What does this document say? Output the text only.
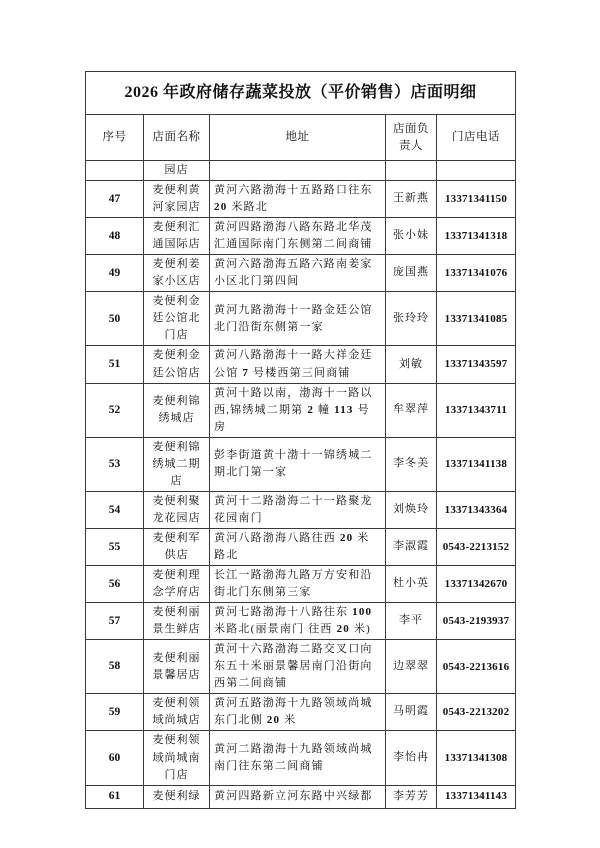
2026 年政府储存蔬菜投放（平价销售）店面明细				
序号	店面名称	地址	店面负责人	门店电话
	园店			
47	麦便利黄河家园店	黄河六路渤海十五路路口往东 20 米路北	王新燕	13371341150
48	麦便利汇通国际店	黄河四路渤海八路东路北华茂汇通国际南门东侧第二间商铺	张小妹	13371341318
49	麦便利姜家小区店	黄河六路渤海五路六路南姜家小区北门第四间	庞国燕	13371341076
50	麦便利金廷公馆北门店	黄河九路渤海十一路金廷公馆北门沿街东侧第一家	张玲玲	13371341085
51	麦便利金廷公馆店	黄河八路渤海十一路大祥金廷公馆 7 号楼西第三间商铺	刘敏	13371343597
52	麦便利锦绣城店	黄河十路以南，渤海十一路以西,锦绣城二期第 2 幢 113 号房	牟翠萍	13371343711
53	麦便利锦绣城二期店	彭李街道黄十渤十一锦绣城二期北门第一家	李冬美	13371341138
54	麦便利聚龙花园店	黄河十二路渤海二十一路聚龙花园南门	刘焕玲	13371343364
55	麦便利军供店	黄河八路渤海八路往西 20 米路北	李淑霞	0543-2213152
56	麦便利理念学府店	长江一路渤海九路万方安和沿街北门东侧第三家	杜小英	13371342670
57	麦便利丽景生鲜店	黄河七路渤海十八路往东 100 米路北(丽景南门 往西 20 米)	李平	0543-2193937
58	麦便利丽景馨居店	黄河十六路渤海二路交叉口向东五十米丽景馨居南门沿街向西第二间商铺	边翠翠	0543-2213616
59	麦便利领域尚城店	黄河五路渤海十九路领域尚城东门北侧 20 米	马明霞	0543-2213202
60	麦便利领域尚城南门店	黄河二路渤海十九路领域尚城南门往东第二间商铺	李怡冉	13371341308
61	麦便利绿	黄河四路新立河东路中兴绿都	李芳芳	13371341143
